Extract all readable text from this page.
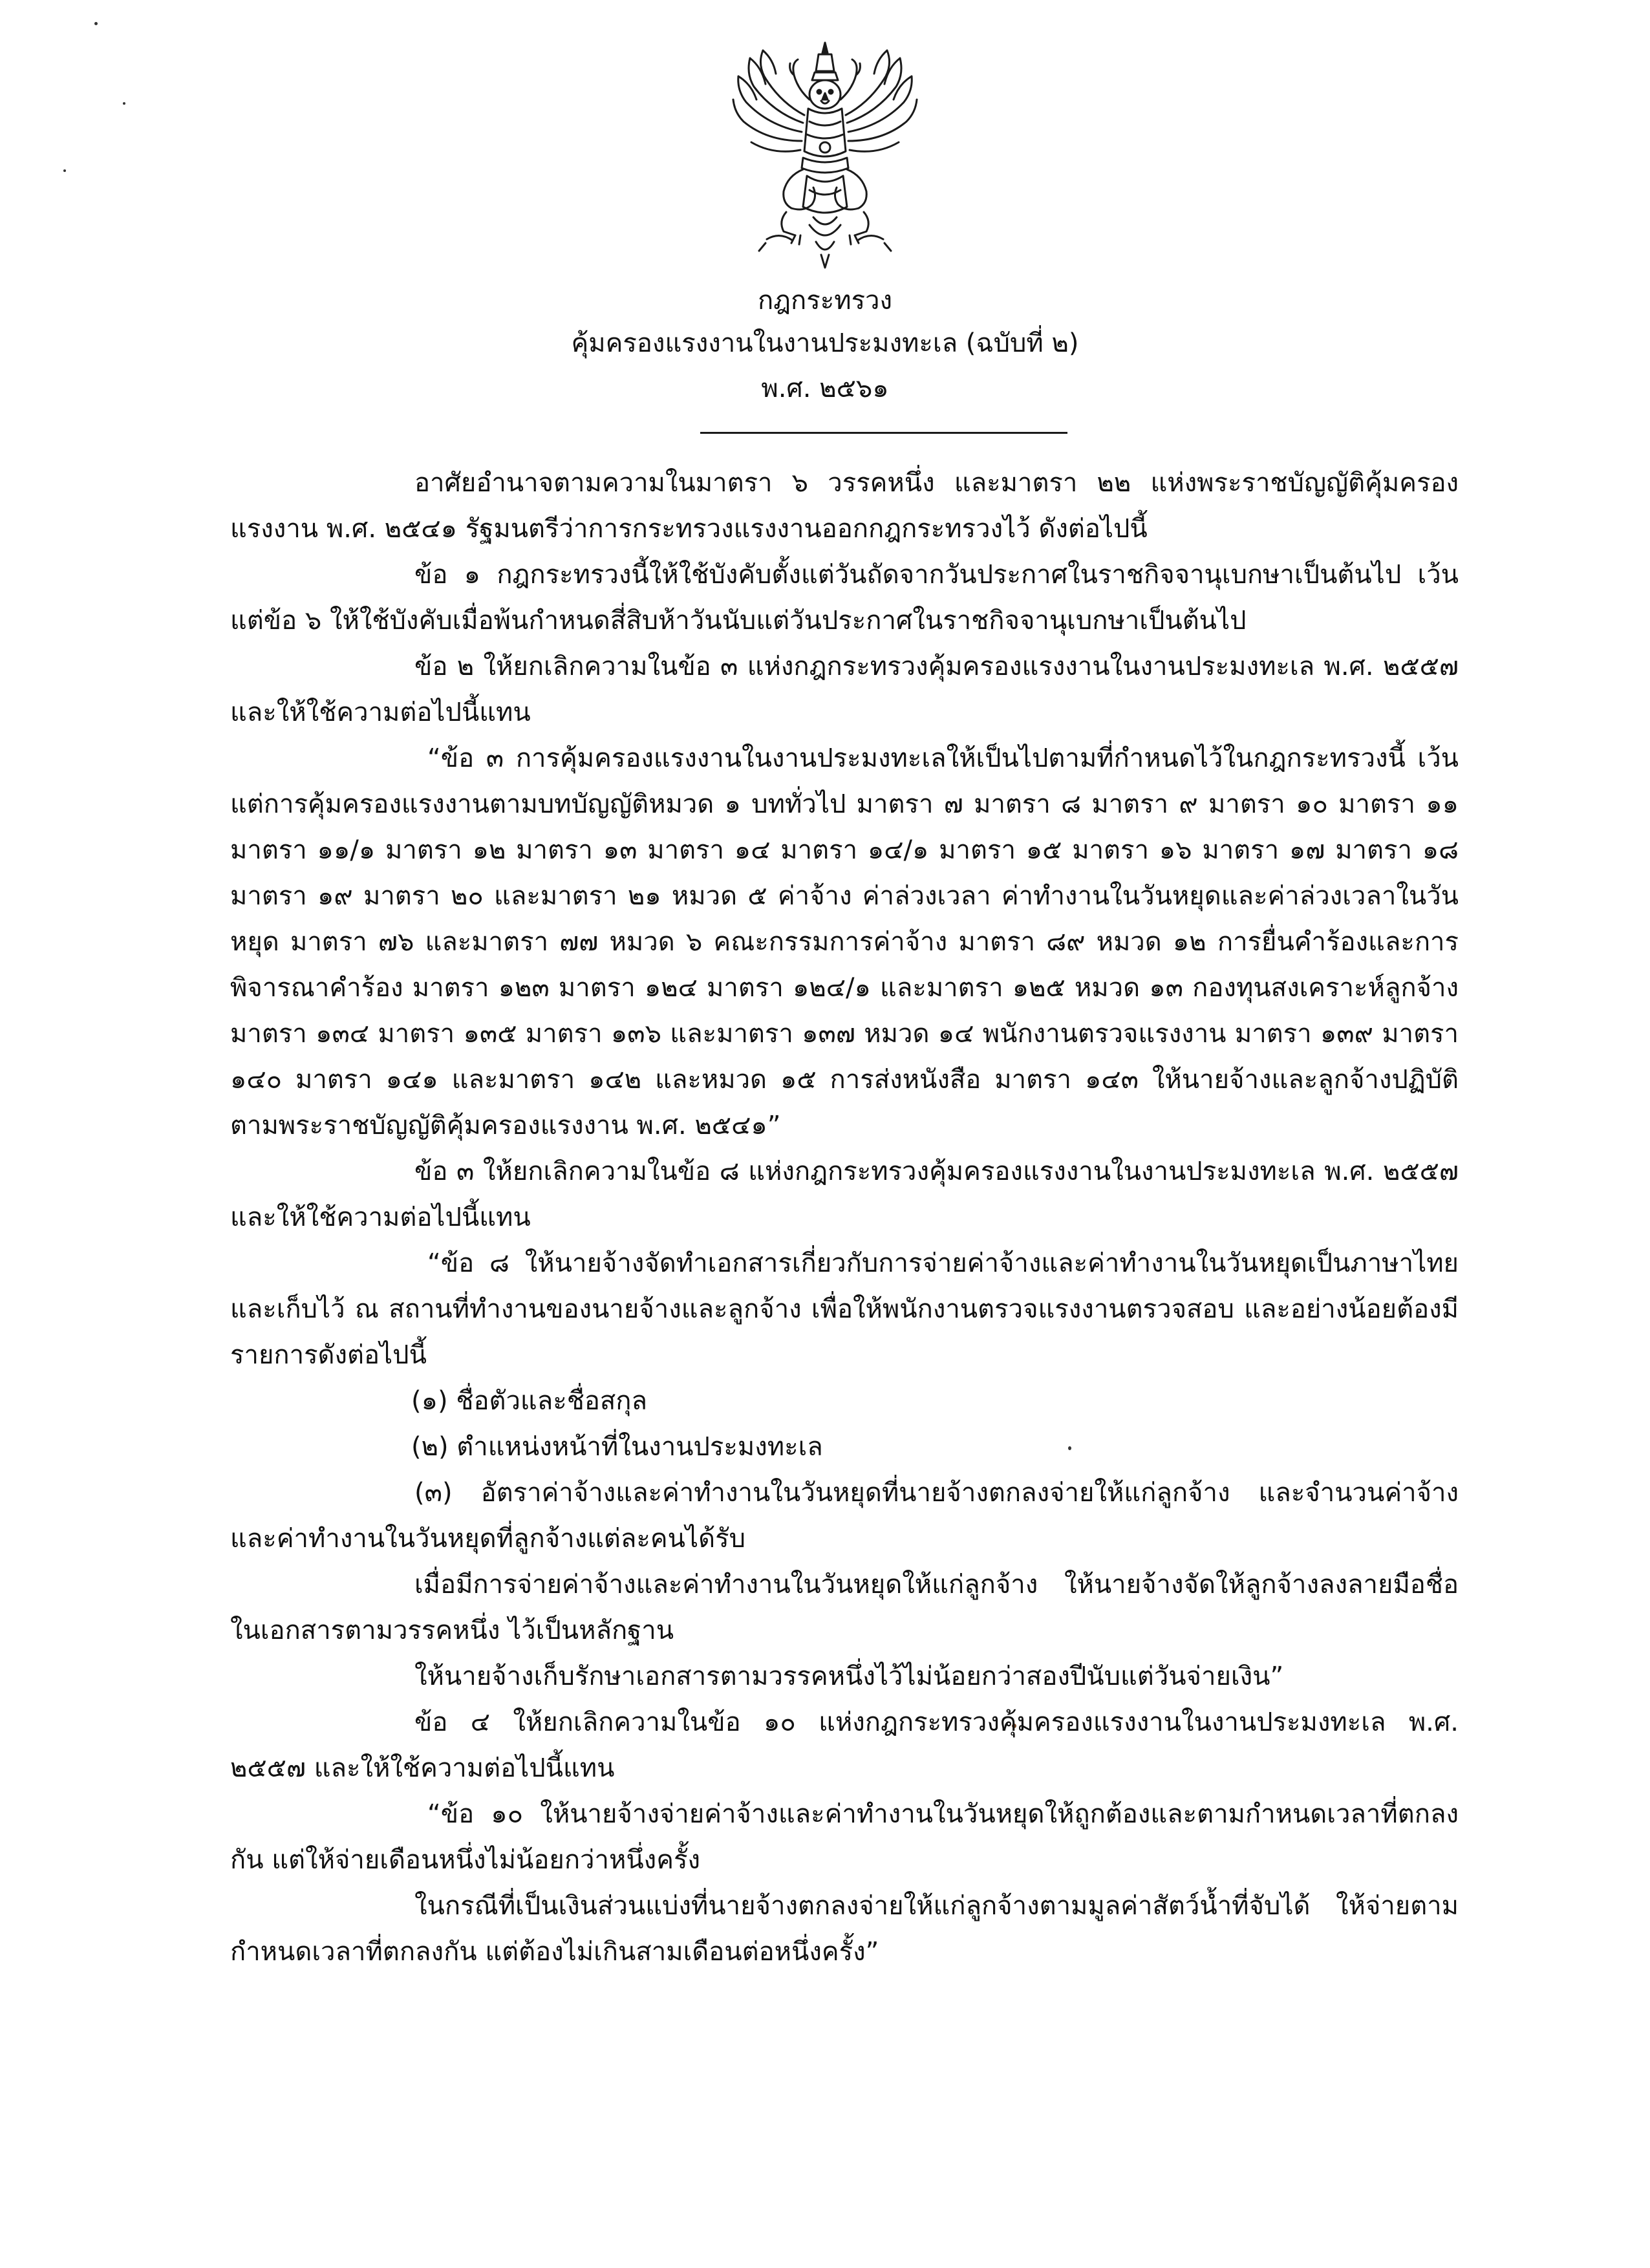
กฎกระทรวง
คุ้มครองแรงงานในงานประมงทะเล (ฉบับที่ ๒)
พ.ศ. ๒๕๖๑

อาศัยอำนาจตามความในมาตรา ๖ วรรคหนึ่ง และมาตรา ๒๒ แห่งพระราชบัญญัติคุ้มครองแรงงาน พ.ศ. ๒๕๔๑ รัฐมนตรีว่าการกระทรวงแรงงานออกกฎกระทรวงไว้ ดังต่อไปนี้

ข้อ ๑ กฎกระทรวงนี้ให้ใช้บังคับตั้งแต่วันถัดจากวันประกาศในราชกิจจานุเบกษาเป็นต้นไป เว้นแต่ข้อ ๖ ให้ใช้บังคับเมื่อพ้นกำหนดสี่สิบห้าวันนับแต่วันประกาศในราชกิจจานุเบกษาเป็นต้นไป

ข้อ ๒ ให้ยกเลิกความในข้อ ๓ แห่งกฎกระทรวงคุ้มครองแรงงานในงานประมงทะเล พ.ศ. ๒๕๕๗ และให้ใช้ความต่อไปนี้แทน

“ข้อ ๓ การคุ้มครองแรงงานในงานประมงทะเลให้เป็นไปตามที่กำหนดไว้ในกฎกระทรวงนี้ เว้นแต่การคุ้มครองแรงงานตามบทบัญญัติหมวด ๑ บททั่วไป มาตรา ๗ มาตรา ๘ มาตรา ๙ มาตรา ๑๐ มาตรา ๑๑ มาตรา ๑๑/๑ มาตรา ๑๒ มาตรา ๑๓ มาตรา ๑๔ มาตรา ๑๔/๑ มาตรา ๑๕ มาตรา ๑๖ มาตรา ๑๗ มาตรา ๑๘ มาตรา ๑๙ มาตรา ๒๐ และมาตรา ๒๑ หมวด ๕ ค่าจ้าง ค่าล่วงเวลา ค่าทำงานในวันหยุดและค่าล่วงเวลาในวันหยุด มาตรา ๗๖ และมาตรา ๗๗ หมวด ๖ คณะกรรมการค่าจ้าง มาตรา ๘๙ หมวด ๑๒ การยื่นคำร้องและการพิจารณาคำร้อง มาตรา ๑๒๓ มาตรา ๑๒๔ มาตรา ๑๒๔/๑ และมาตรา ๑๒๕ หมวด ๑๓ กองทุนสงเคราะห์ลูกจ้าง มาตรา ๑๓๔ มาตรา ๑๓๕ มาตรา ๑๓๖ และมาตรา ๑๓๗ หมวด ๑๔ พนักงานตรวจแรงงาน มาตรา ๑๓๙ มาตรา ๑๔๐ มาตรา ๑๔๑ และมาตรา ๑๔๒ และหมวด ๑๕ การส่งหนังสือ มาตรา ๑๔๓ ให้นายจ้างและลูกจ้างปฏิบัติตามพระราชบัญญัติคุ้มครองแรงงาน พ.ศ. ๒๕๔๑”

ข้อ ๓ ให้ยกเลิกความในข้อ ๘ แห่งกฎกระทรวงคุ้มครองแรงงานในงานประมงทะเล พ.ศ. ๒๕๕๗ และให้ใช้ความต่อไปนี้แทน

“ข้อ ๘ ให้นายจ้างจัดทำเอกสารเกี่ยวกับการจ่ายค่าจ้างและค่าทำงานในวันหยุดเป็นภาษาไทย และเก็บไว้ ณ สถานที่ทำงานของนายจ้างและลูกจ้าง เพื่อให้พนักงานตรวจแรงงานตรวจสอบ และอย่างน้อยต้องมีรายการดังต่อไปนี้

(๑) ชื่อตัวและชื่อสกุล

(๒) ตำแหน่งหน้าที่ในงานประมงทะเล

(๓) อัตราค่าจ้างและค่าทำงานในวันหยุดที่นายจ้างตกลงจ่ายให้แก่ลูกจ้าง และจำนวนค่าจ้างและค่าทำงานในวันหยุดที่ลูกจ้างแต่ละคนได้รับ

เมื่อมีการจ่ายค่าจ้างและค่าทำงานในวันหยุดให้แก่ลูกจ้าง ให้นายจ้างจัดให้ลูกจ้างลงลายมือชื่อในเอกสารตามวรรคหนึ่ง ไว้เป็นหลักฐาน

ให้นายจ้างเก็บรักษาเอกสารตามวรรคหนึ่งไว้ไม่น้อยกว่าสองปีนับแต่วันจ่ายเงิน”

ข้อ ๔ ให้ยกเลิกความในข้อ ๑๐ แห่งกฎกระทรวงคุ้มครองแรงงานในงานประมงทะเล พ.ศ. ๒๕๕๗ และให้ใช้ความต่อไปนี้แทน

“ข้อ ๑๐ ให้นายจ้างจ่ายค่าจ้างและค่าทำงานในวันหยุดให้ถูกต้องและตามกำหนดเวลาที่ตกลงกัน แต่ให้จ่ายเดือนหนึ่งไม่น้อยกว่าหนึ่งครั้ง

ในกรณีที่เป็นเงินส่วนแบ่งที่นายจ้างตกลงจ่ายให้แก่ลูกจ้างตามมูลค่าสัตว์น้ำที่จับได้ ให้จ่ายตามกำหนดเวลาที่ตกลงกัน แต่ต้องไม่เกินสามเดือนต่อหนึ่งครั้ง”
